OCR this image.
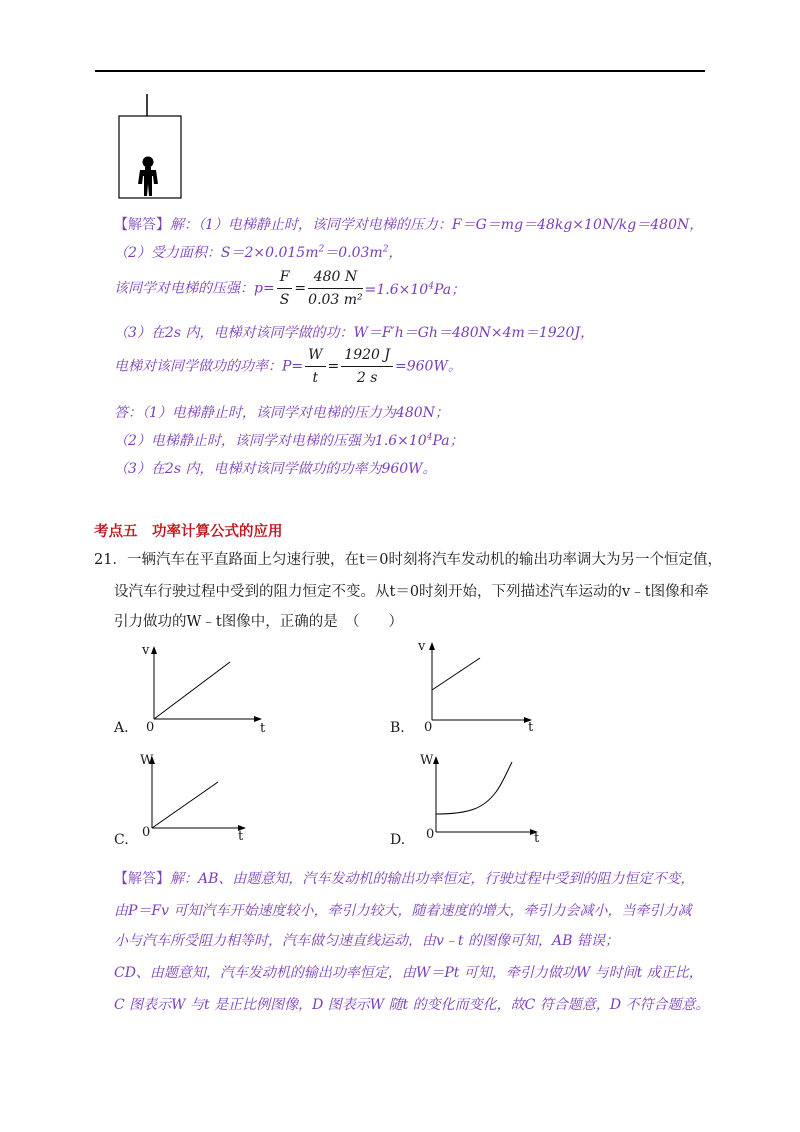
【解答】解：（1）电梯静止时，该同学对电梯的压力：F＝G＝mg＝48kg×10N/kg＝480N，
（2）受力面积：$S=2\times 0.015m^2=0.03m^2$，
该同学对电梯的压强：$p= \frac{F}{S} = \frac{480 N}{\text{0.03 m²}} =1.6\times 10^4Pa$；
（3）在2s 内，电梯对该同学做的功：W＝F′h＝Gh＝480N×4m＝1920J，
电梯对该同学做功的功率：$P= \frac{W}{t} = \frac{1920 J}{2 s} =960W$。
答：（1）电梯静止时，该同学对电梯的压力为480N；
（2）电梯静止时，该同学对电梯的压强为$1.6\times 10^4Pa$；
（3）在2s 内，电梯对该同学做功的功率为960W。
考点五　功率计算公式的应用
21．一辆汽车在平直路面上匀速行驶，在t＝0时刻将汽车发动机的输出功率调大为另一个恒定值，
设汽车行驶过程中受到的阻力恒定不变。从t＝0时刻开始，下列描述汽车运动的v﹣t图像和牵
引力做功的W﹣t图像中，正确的是　（　　）
A.
v
t
0	B.
v
t
0
C.
W
t
0	D.
W
t
0
【解答】解：AB、由题意知，汽车发动机的输出功率恒定，行驶过程中受到的阻力恒定不变，
由P＝Fv 可知汽车开始速度较小，牵引力较大，随着速度的增大，牵引力会减小，当牵引力减
小与汽车所受阻力相等时，汽车做匀速直线运动，由v﹣t 的图像可知，AB 错误；
CD、由题意知，汽车发动机的输出功率恒定，由W＝Pt 可知，牵引力做功W 与时间t 成正比，
C 图表示W 与t 是正比例图像，D 图表示W 随t 的变化而变化，故C 符合题意，D 不符合题意。
